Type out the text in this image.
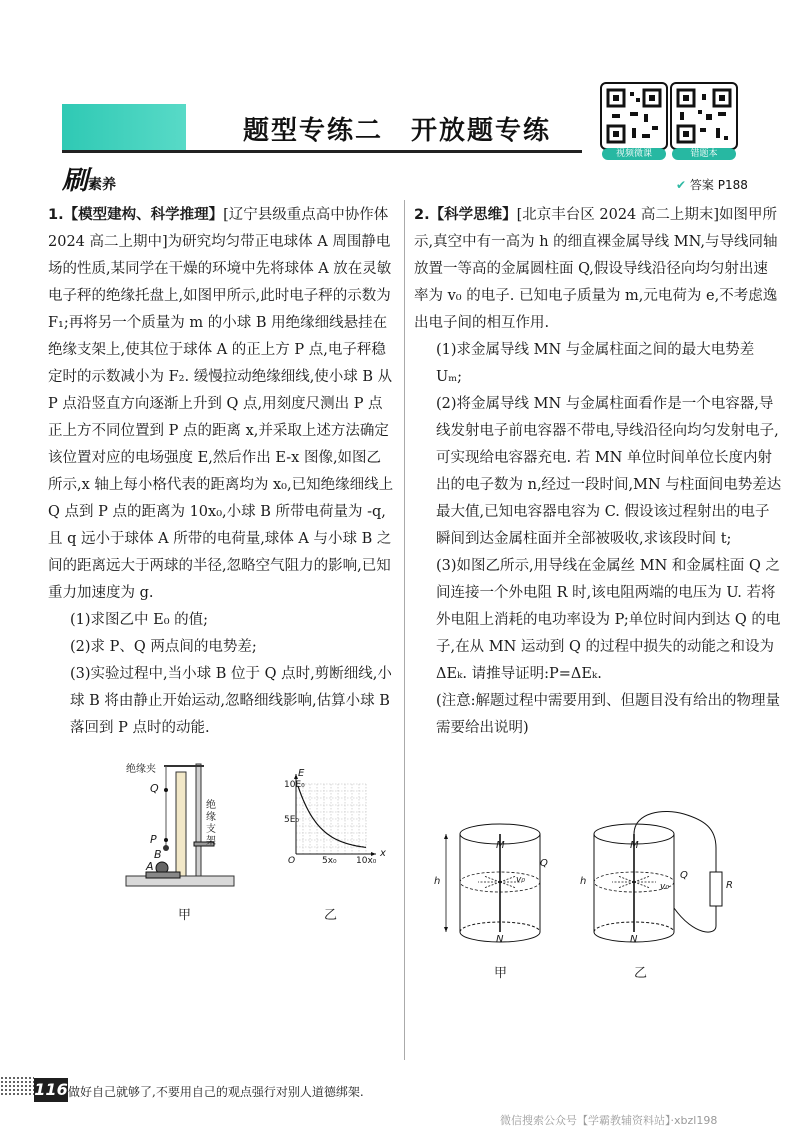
题型专练二　开放题专练
视频微课	错题本
刷素养	✔ 答案 P188

1.【模型建构、科学推理】[辽宁县级重点高中协作体 2024 高二上期中]为研究均匀带正电球体 A 周围静电场的性质,某同学在干燥的环境中先将球体 A 放在灵敏电子秤的绝缘托盘上,如图甲所示,此时电子秤的示数为 F₁;再将另一个质量为 m 的小球 B 用绝缘细线悬挂在绝缘支架上,使其位于球体 A 的正上方 P 点,电子秤稳定时的示数减小为 F₂. 缓慢拉动绝缘细线,使小球 B 从 P 点沿竖直方向逐渐上升到 Q 点,用刻度尺测出 P 点正上方不同位置到 P 点的距离 x,并采取上述方法确定该位置对应的电场强度 E,然后作出 E-x 图像,如图乙所示,x 轴上每小格代表的距离均为 x₀,已知绝缘细线上 Q 点到 P 点的距离为 10x₀,小球 B 所带电荷量为 -q,且 q 远小于球体 A 所带的电荷量,球体 A 与小球 B 之间的距离远大于两球的半径,忽略空气阻力的影响,已知重力加速度为 g.

(1)求图乙中 E₀ 的值;

(2)求 P、Q 两点间的电势差;

(3)实验过程中,当小球 B 位于 Q 点时,剪断细线,小球 B 将由静止开始运动,忽略细线影响,估算小球 B 落回到 P 点时的动能.

绝缘夹
绝缘支架
Q
P
B
A
甲
E
x
10E₀
5E₀
O	5x₀ 10x₀
乙

2.【科学思维】[北京丰台区 2024 高二上期末]如图甲所示,真空中有一高为 h 的细直裸金属导线 MN,与导线同轴放置一等高的金属圆柱面 Q,假设导线沿径向均匀射出速率为 v₀ 的电子. 已知电子质量为 m,元电荷为 e,不考虑逸出电子间的相互作用.

(1)求金属导线 MN 与金属柱面之间的最大电势差 Uₘ;

(2)将金属导线 MN 与金属柱面看作是一个电容器,导线发射电子前电容器不带电,导线沿径向均匀发射电子,可实现给电容器充电. 若 MN 单位时间单位长度内射出的电子数为 n,经过一段时间,MN 与柱面间电势差达最大值,已知电容器电容为 C. 假设该过程射出的电子瞬间到达金属柱面并全部被吸收,求该段时间 t;

(3)如图乙所示,用导线在金属丝 MN 和金属柱面 Q 之间连接一个外电阻 R 时,该电阻两端的电压为 U. 若将外电阻上消耗的电功率设为 P;单位时间内到达 Q 的电子,在从 MN 运动到 Q 的过程中损失的动能之和设为 ΔEₖ. 请推导证明:P=ΔEₖ.

(注意:解题过程中需要用到、但题目没有给出的物理量需要给出说明)

M
N
Q
h	v₀
甲
M
N
Q
h	v₀	R
乙
116 做好自己就够了,不要用自己的观点强行对别人道德绑架.
微信搜索公众号【学霸教辅资料站】·xbzl198
